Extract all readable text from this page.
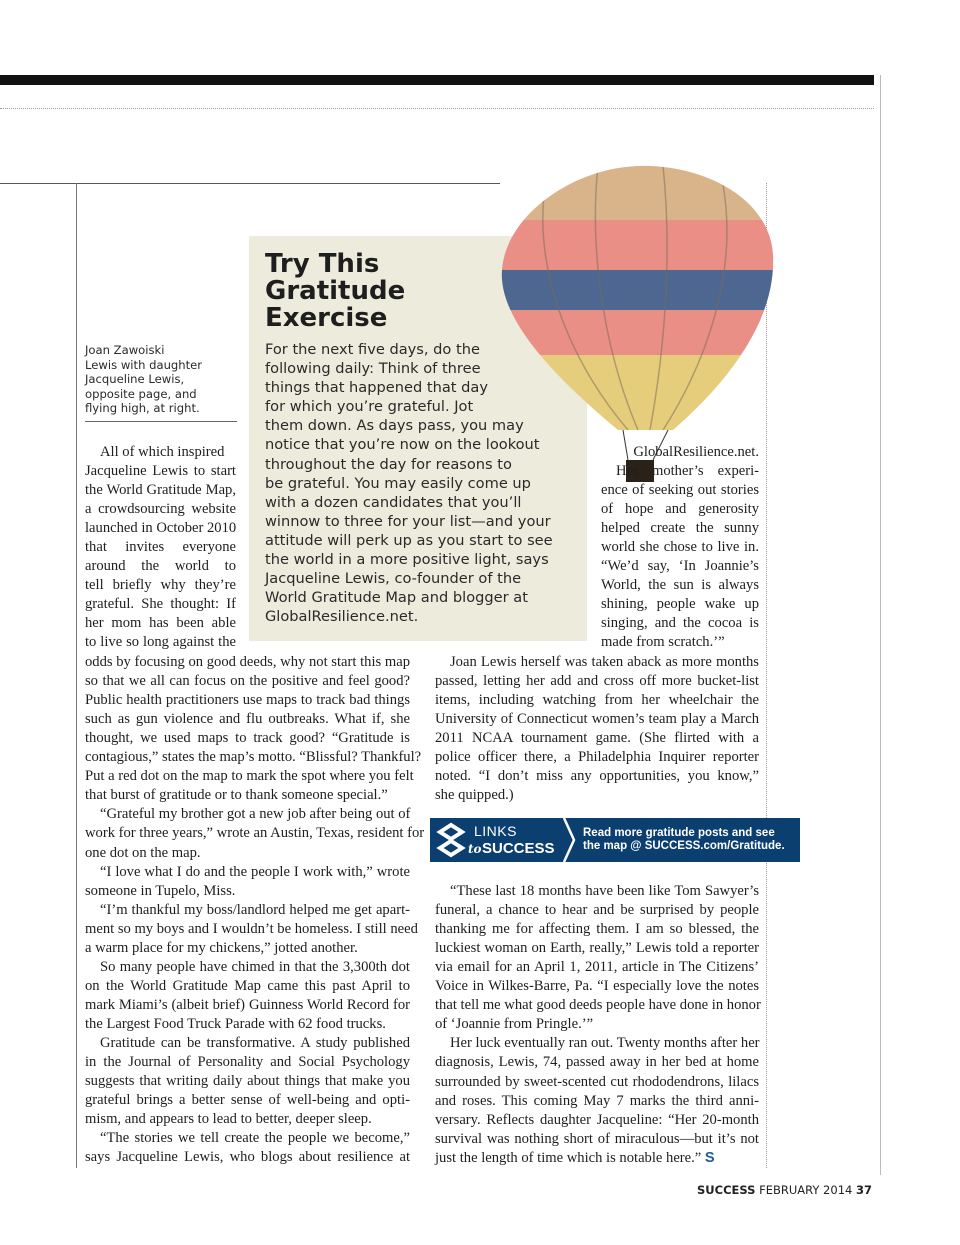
Try This
Gratitude
Exercise
For the next five days, do the
following daily: Think of three
things that happened that day
for which you’re grateful. Jot
them down. As days pass, you may
notice that you’re now on the lookout
throughout the day for reasons to
be grateful. You may easily come up
with a dozen candidates that you’ll
winnow to three for your list—and your
attitude will perk up as you start to see
the world in a more positive light, says
Jacqueline Lewis, co-founder of the
World Gratitude Map and blogger at
GlobalResilience.net.
Joan Zawoiski
Lewis with daughter
Jacqueline Lewis,
opposite page, and
flying high, at right.
All of which inspired
Jacqueline Lewis to start
the World Gratitude Map,
a crowdsourcing website
launched in October 2010
that invites everyone
around the world to
tell briefly why they’re
grateful. She thought: If
her mom has been able
to live so long against the
odds by focusing on good deeds, why not start this map
so that we all can focus on the positive and feel good?
Public health practitioners use maps to track bad things
such as gun violence and flu outbreaks. What if, she
thought, we used maps to track good? “Gratitude is
contagious,” states the map’s motto. “Blissful? Thankful?
Put a red dot on the map to mark the spot where you felt
that burst of gratitude or to thank someone special.”
“Grateful my brother got a new job after being out of
work for three years,” wrote an Austin, Texas, resident for
one dot on the map.
“I love what I do and the people I work with,” wrote
someone in Tupelo, Miss.
“I’m thankful my boss/landlord helped me get apart-
ment so my boys and I wouldn’t be homeless. I still need
a warm place for my chickens,” jotted another.
So many people have chimed in that the 3,300th dot
on the World Gratitude Map came this past April to
mark Miami’s (albeit brief) Guinness World Record for
the Largest Food Truck Parade with 62 food trucks.
Gratitude can be transformative. A study published
in the Journal of Personality and Social Psychology
suggests that writing daily about things that make you
grateful brings a better sense of well-being and opti-
mism, and appears to lead to better, deeper sleep.
“The stories we tell create the people we become,”
says Jacqueline Lewis, who blogs about resilience at
GlobalResilience.net.
Her mother’s experi-
ence of seeking out stories
of hope and generosity
helped create the sunny
world she chose to live in.
“We’d say, ‘In Joannie’s
World, the sun is always
shining, people wake up
singing, and the cocoa is
made from scratch.’”
Joan Lewis herself was taken aback as more months
passed, letting her add and cross off more bucket-list
items, including watching from her wheelchair the
University of Connecticut women’s team play a March
2011 NCAA tournament game. (She flirted with a
police officer there, a Philadelphia Inquirer reporter
noted. “I don’t miss any opportunities, you know,”
she quipped.)
LINKS
to SUCCESS
Read more gratitude posts and see
the map @ SUCCESS.com/Gratitude.
“These last 18 months have been like Tom Sawyer’s
funeral, a chance to hear and be surprised by people
thanking me for affecting them. I am so blessed, the
luckiest woman on Earth, really,” Lewis told a reporter
via email for an April 1, 2011, article in The Citizens’
Voice in Wilkes-Barre, Pa. “I especially love the notes
that tell me what good deeds people have done in honor
of ‘Joannie from Pringle.’”
Her luck eventually ran out. Twenty months after her
diagnosis, Lewis, 74, passed away in her bed at home
surrounded by sweet-scented cut rhododendrons, lilacs
and roses. This coming May 7 marks the third anni-
versary. Reflects daughter Jacqueline: “Her 20-month
survival was nothing short of miraculous—but it’s not
just the length of time which is notable here.” S
SUCCESS FEBRUARY 2014 37
